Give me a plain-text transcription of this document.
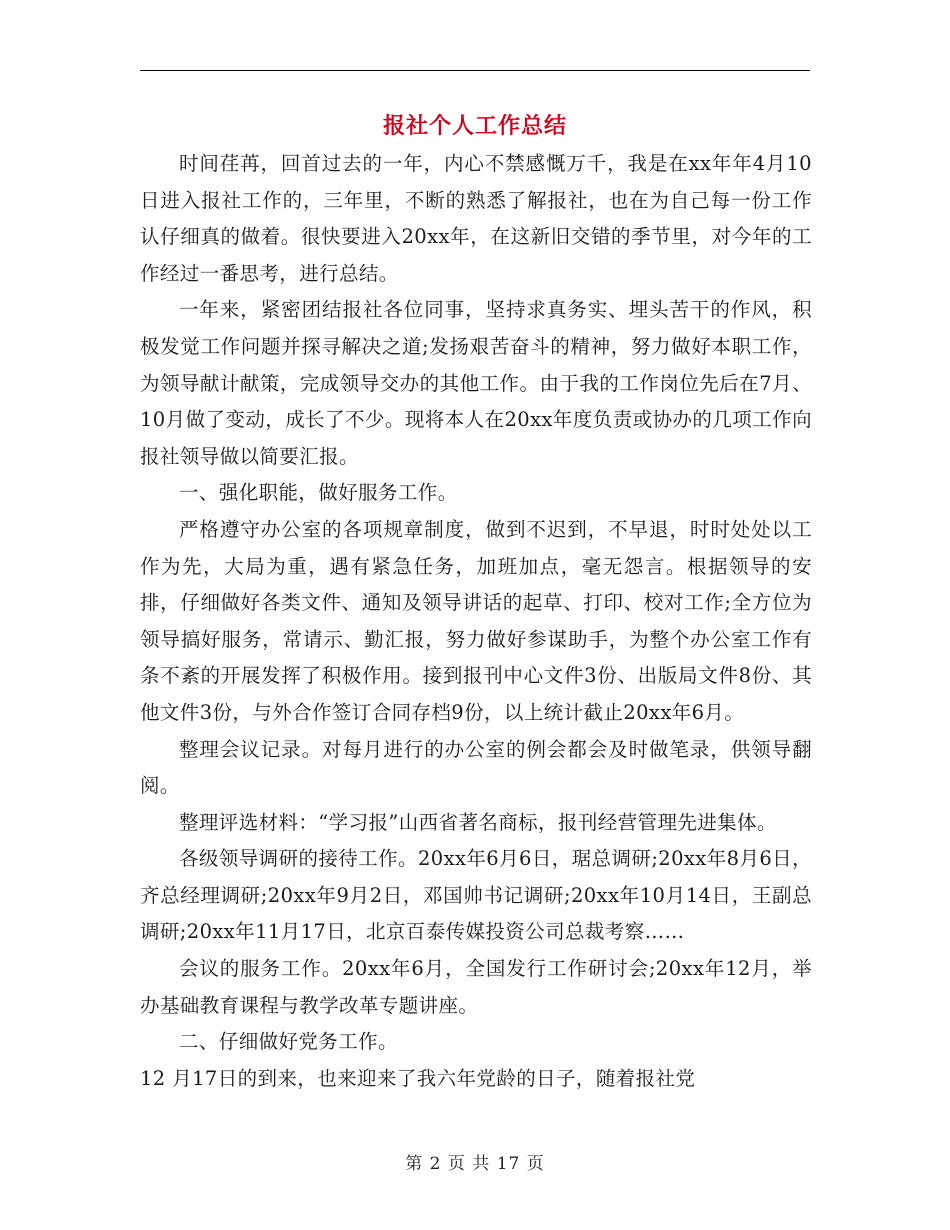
报社个人工作总结

时间荏苒，回首过去的一年，内心不禁感慨万千，我是在xx年年4月10日进入报社工作的，三年里，不断的熟悉了解报社，也在为自己每一份工作认仔细真的做着。很快要进入20xx年，在这新旧交错的季节里，对今年的工作经过一番思考，进行总结。

一年来，紧密团结报社各位同事，坚持求真务实、埋头苦干的作风，积极发觉工作问题并探寻解决之道;发扬艰苦奋斗的精神，努力做好本职工作，为领导献计献策，完成领导交办的其他工作。由于我的工作岗位先后在7月、10月做了变动，成长了不少。现将本人在20xx年度负责或协办的几项工作向报社领导做以简要汇报。

一、强化职能，做好服务工作。

严格遵守办公室的各项规章制度，做到不迟到，不早退，时时处处以工作为先，大局为重，遇有紧急任务，加班加点，毫无怨言。根据领导的安排，仔细做好各类文件、通知及领导讲话的起草、打印、校对工作;全方位为领导搞好服务，常请示、勤汇报，努力做好参谋助手，为整个办公室工作有条不紊的开展发挥了积极作用。接到报刊中心文件3份、出版局文件8份、其他文件3份，与外合作签订合同存档9份，以上统计截止20xx年6月。

整理会议记录。对每月进行的办公室的例会都会及时做笔录，供领导翻阅。

整理评选材料：“学习报”山西省著名商标，报刊经营管理先进集体。

各级领导调研的接待工作。20xx年6月6日，琚总调研;20xx年8月6日，齐总经理调研;20xx年9月2日，邓国帅书记调研;20xx年10月14日，王副总调研;20xx年11月17日，北京百泰传媒投资公司总裁考察……

会议的服务工作。20xx年6月，全国发行工作研讨会;20xx年12月，举办基础教育课程与教学改革专题讲座。

二、仔细做好党务工作。

12 月17日的到来，也来迎来了我六年党龄的日子，随着报社党

第 2 页 共 17 页
